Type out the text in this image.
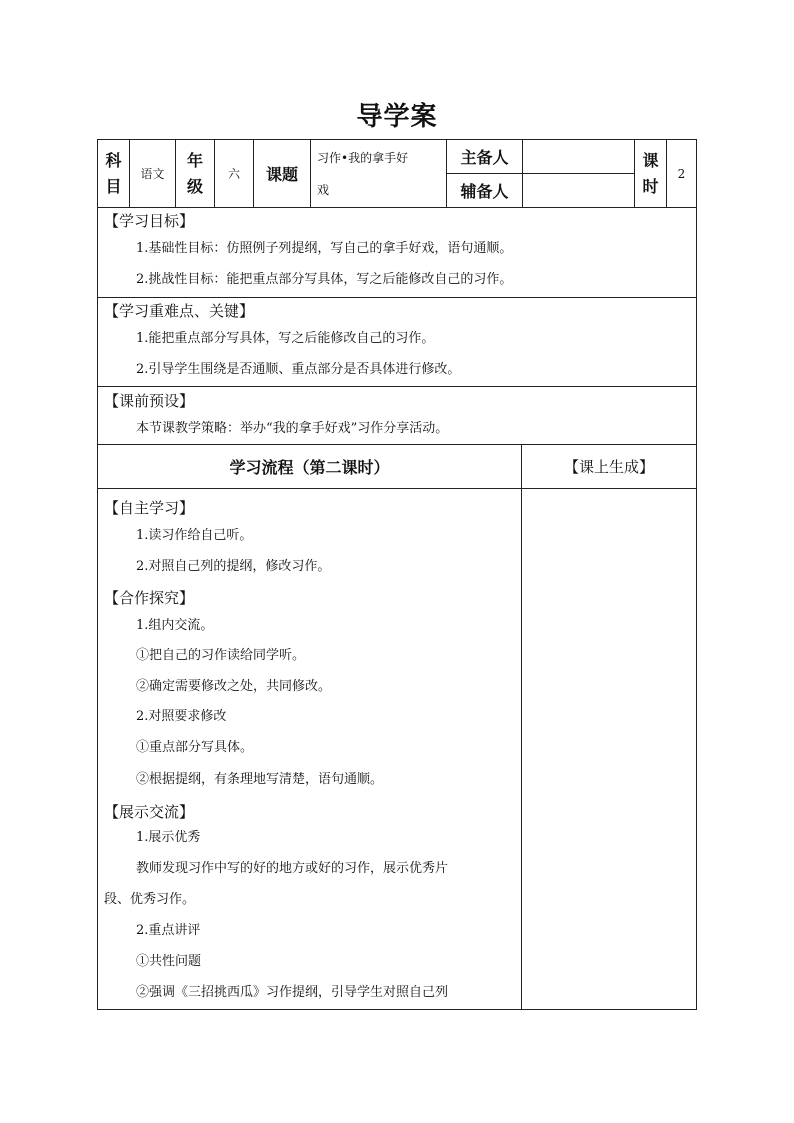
导学案
科
目
语文
年
级
六	课题
习作•我的拿手好
戏
主备人
辅备人
课
时
2
【学习目标】
1.基础性目标：仿照例子列提纲，写自己的拿手好戏，语句通顺。
2.挑战性目标：能把重点部分写具体，写之后能修改自己的习作。
【学习重难点、关键】
1.能把重点部分写具体，写之后能修改自己的习作。
2.引导学生围绕是否通顺、重点部分是否具体进行修改。
【课前预设】
本节课教学策略：举办“我的拿手好戏”习作分享活动。
学习流程（第二课时）	【课上生成】
【自主学习】
1.读习作给自己听。
2.对照自己列的提纲，修改习作。
【合作探究】
1.组内交流。
①把自己的习作读给同学听。
②确定需要修改之处，共同修改。
2.对照要求修改
①重点部分写具体。
②根据提纲，有条理地写清楚，语句通顺。
【展示交流】
1.展示优秀
教师发现习作中写的好的地方或好的习作，展示优秀片
段、优秀习作。
2.重点讲评
①共性问题
②强调《三招挑西瓜》习作提纲，引导学生对照自己列
